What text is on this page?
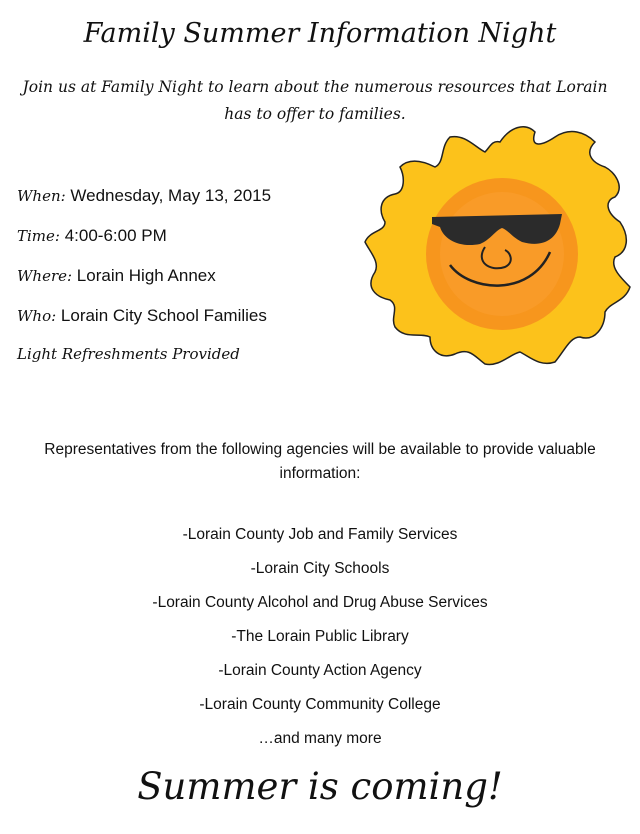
Family Summer Information Night
Join us at Family Night to learn about the numerous resources that Lorain has to offer to families.
When: Wednesday, May 13, 2015
Time: 4:00-6:00 PM
Where: Lorain High Annex
Who: Lorain City School Families
Light Refreshments Provided
Representatives from the following agencies will be available to provide valuable information:
-Lorain County Job and Family Services
-Lorain City Schools
-Lorain County Alcohol and Drug Abuse Services
-The Lorain Public Library
-Lorain County Action Agency
-Lorain County Community College
…and many more
Summer is coming!
